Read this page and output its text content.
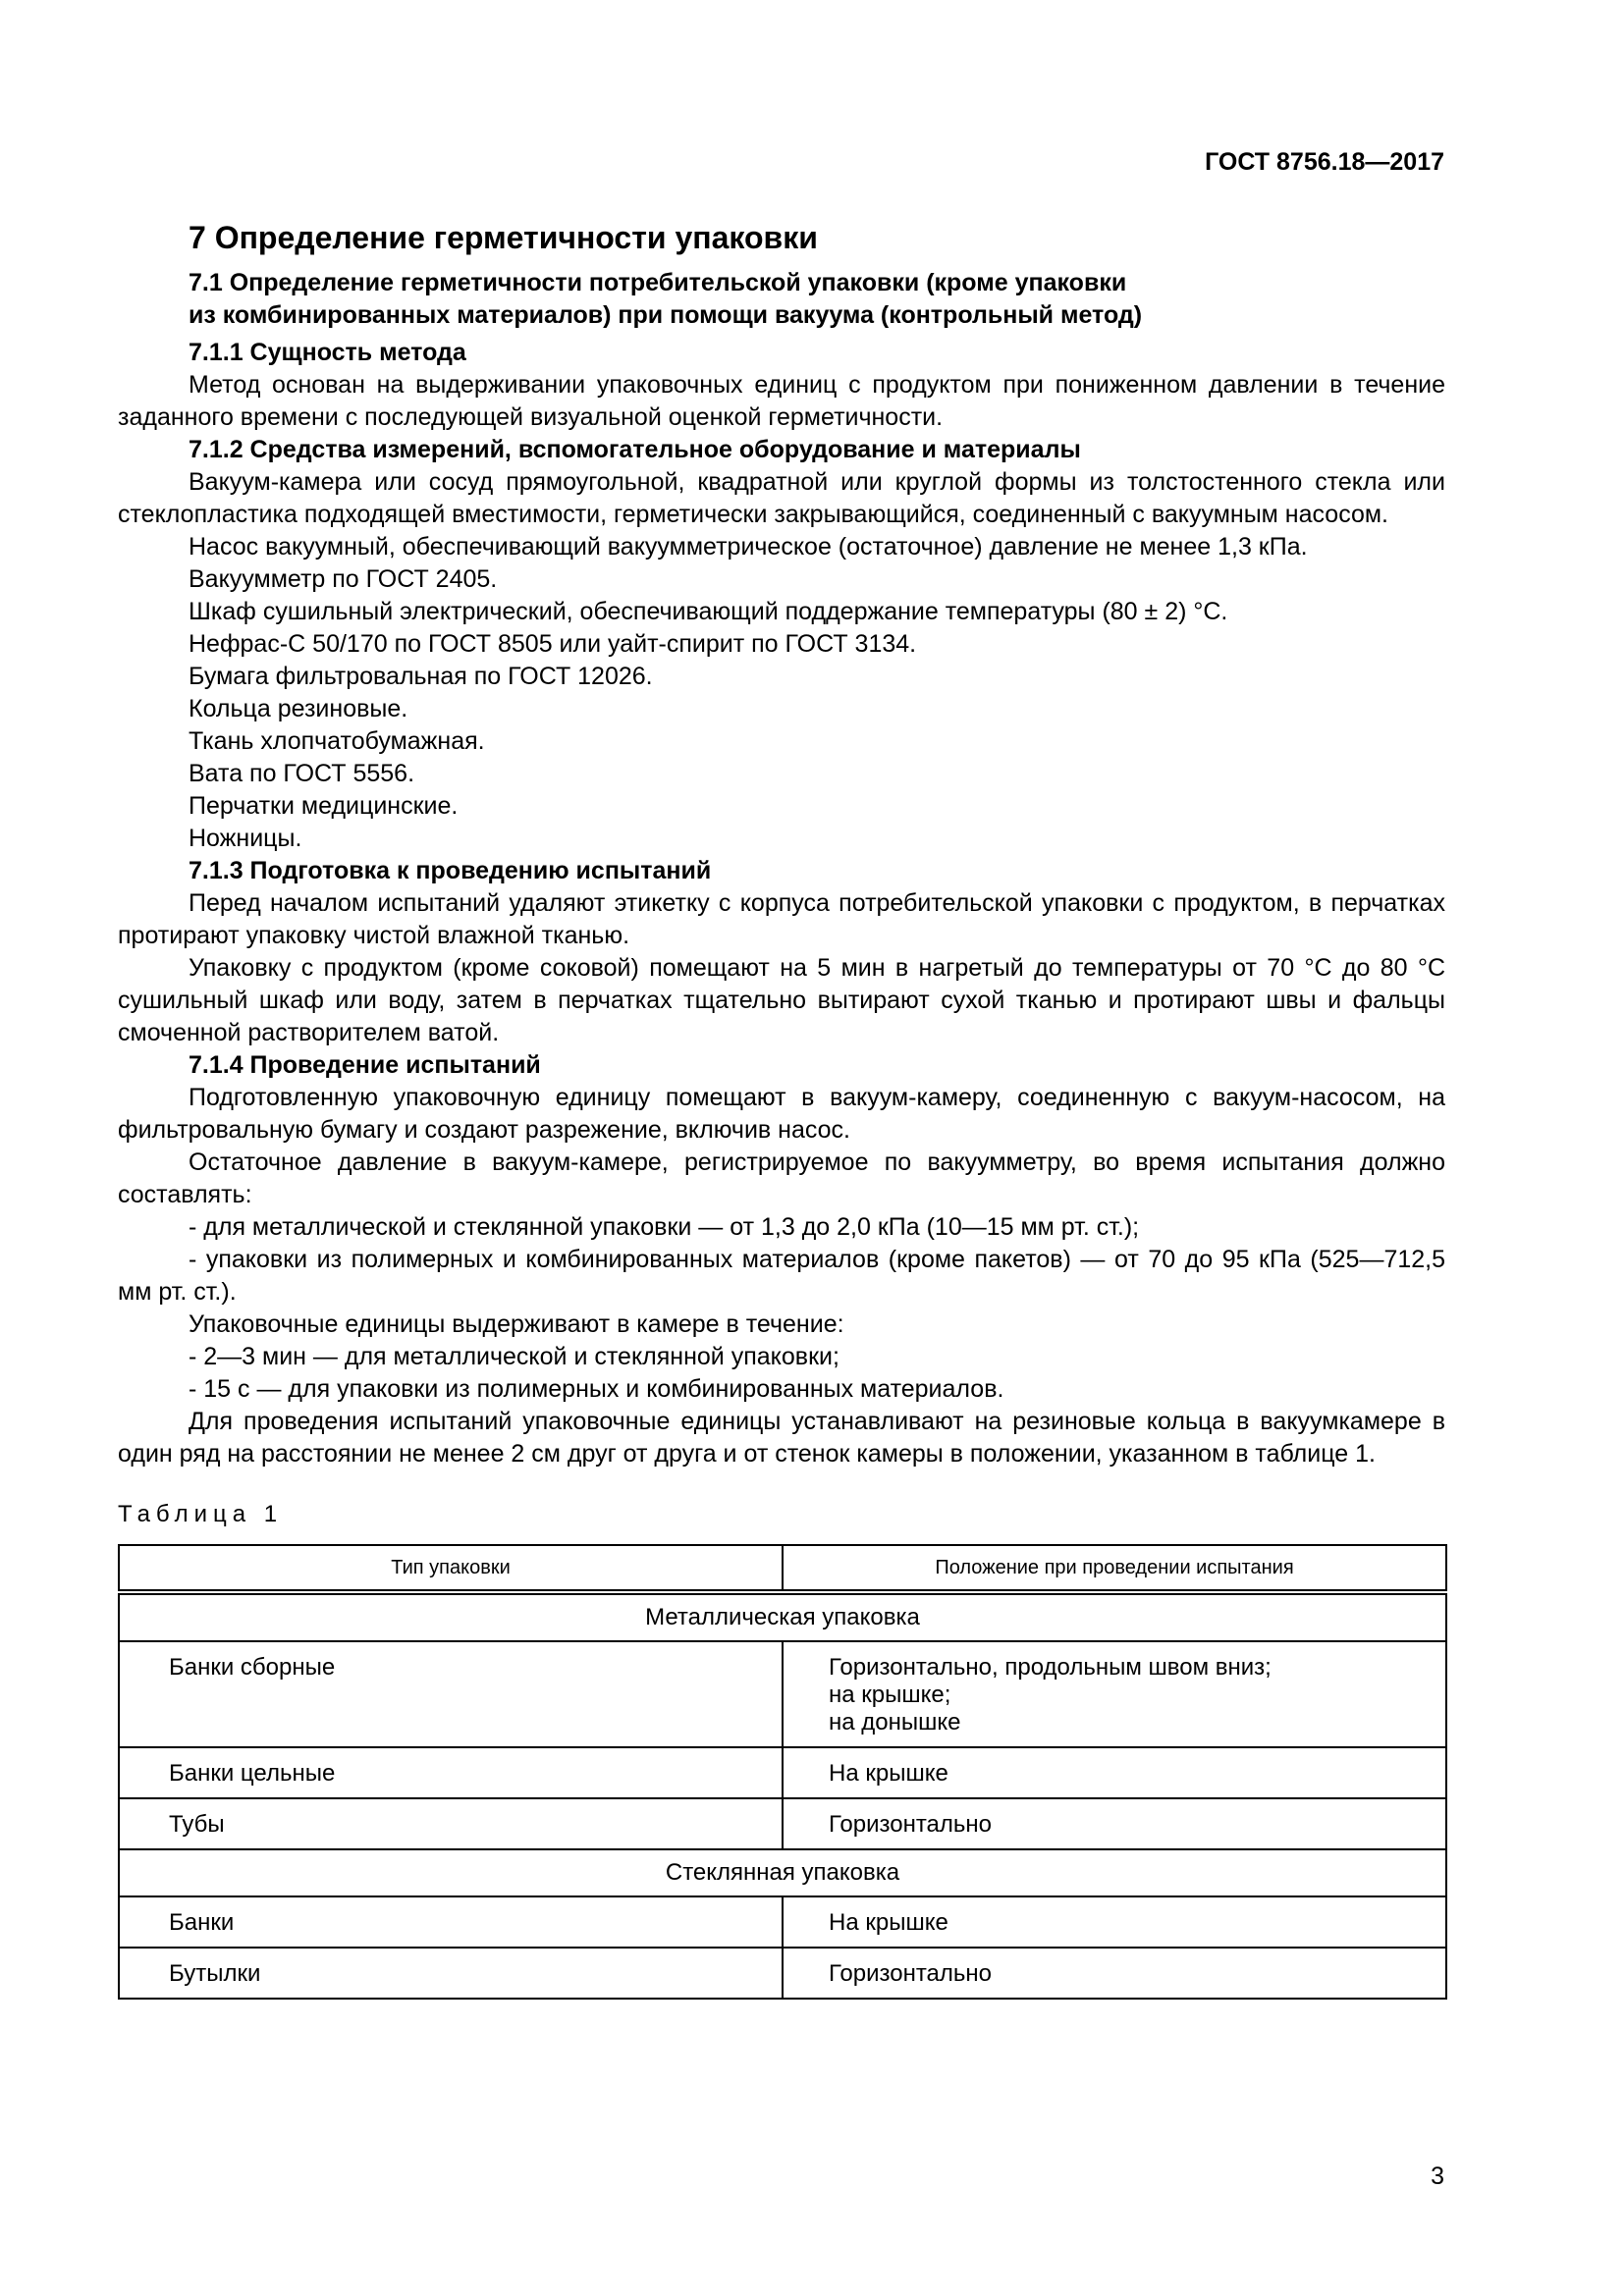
ГОСТ 8756.18—2017
7 Определение герметичности упаковки
7.1 Определение герметичности потребительской упаковки (кроме упаковки
из комбинированных материалов) при помощи вакуума (контрольный метод)
7.1.1 Сущность метода

Метод основан на выдерживании упаковочных единиц с продуктом при пониженном давлении в течение заданного времени с последующей визуальной оценкой герметичности.

7.1.2 Средства измерений, вспомогательное оборудование и материалы

Вакуум-камера или сосуд прямоугольной, квадратной или круглой формы из толстостенного стекла или стеклопластика подходящей вместимости, герметически закрывающийся, соединенный с вакуумным насосом.

Насос вакуумный, обеспечивающий вакуумметрическое (остаточное) давление не менее 1,3 кПа.
Вакуумметр по ГОСТ 2405.
Шкаф сушильный электрический, обеспечивающий поддержание температуры (80 ± 2) °С.
Нефрас-С 50/170 по ГОСТ 8505 или уайт-спирит по ГОСТ 3134.
Бумага фильтровальная по ГОСТ 12026.
Кольца резиновые.
Ткань хлопчатобумажная.
Вата по ГОСТ 5556.
Перчатки медицинские.
Ножницы.
7.1.3 Подготовка к проведению испытаний

Перед началом испытаний удаляют этикетку с корпуса потребительской упаковки с продуктом, в перчатках протирают упаковку чистой влажной тканью.

Упаковку с продуктом (кроме соковой) помещают на 5 мин в нагретый до температуры от 70 °С до 80 °С сушильный шкаф или воду, затем в перчатках тщательно вытирают сухой тканью и протирают швы и фальцы смоченной растворителем ватой.

7.1.4 Проведение испытаний

Подготовленную упаковочную единицу помещают в вакуум-камеру, соединенную с вакуум-насосом, на фильтровальную бумагу и создают разрежение, включив насос.

Остаточное давление в вакуум-камере, регистрируемое по вакуумметру, во время испытания должно составлять:

- для металлической и стеклянной упаковки — от 1,3 до 2,0 кПа (10—15 мм рт. ст.);

- упаковки из полимерных и комбинированных материалов (кроме пакетов) — от 70 до 95 кПа (525—712,5 мм рт. ст.).

Упаковочные единицы выдерживают в камере в течение:

- 2—3 мин — для металлической и стеклянной упаковки;

- 15 с — для упаковки из полимерных и комбинированных материалов.

Для проведения испытаний упаковочные единицы устанавливают на резиновые кольца в вакуумкамере в один ряд на расстоянии не менее 2 см друг от друга и от стенок камеры в положении, указанном в таблице 1.

Таблица 1
Тип упаковки	Положение при проведении испытания
Металлическая упаковка	
Банки сборные	Горизонтально, продольным швом вниз;
на крышке;
на донышке

Банки цельные	На крышке
Тубы	Горизонтально
Стеклянная упаковка	
Банки	На крышке
Бутылки	Горизонтально
3
